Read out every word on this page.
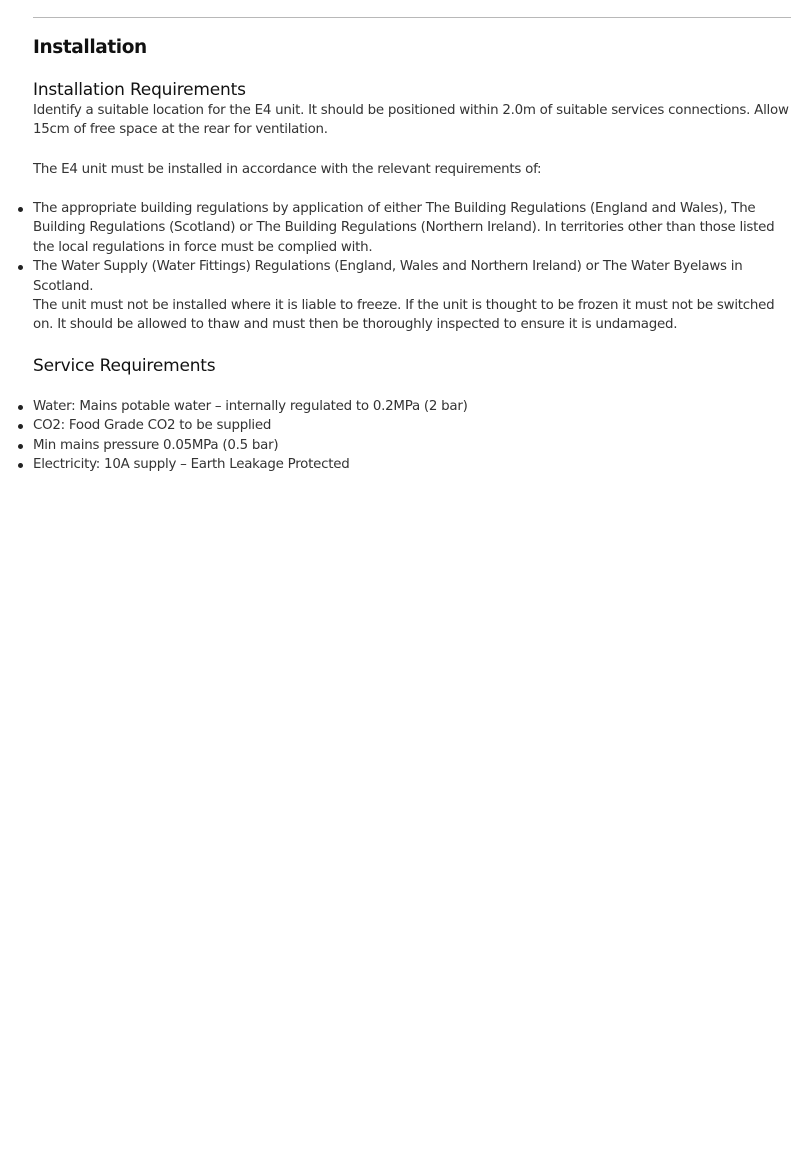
Installation
Installation Requirements

Identify a suitable location for the E4 unit. It should be positioned within 2.0m of suitable services connections. Allow 15cm of free space at the rear for ventilation.

The E4 unit must be installed in accordance with the relevant requirements of:

The appropriate building regulations by application of either The Building Regulations (England and Wales), The Building Regulations (Scotland) or The Building Regulations (Northern Ireland). In territories other than those listed the local regulations in force must be complied with.
The Water Supply (Water Fittings) Regulations (England, Wales and Northern Ireland) or The Water Byelaws in Scotland.

The unit must not be installed where it is liable to freeze. If the unit is thought to be frozen it must not be switched on. It should be allowed to thaw and must then be thoroughly inspected to ensure it is undamaged.

Service Requirements
Water: Mains potable water – internally regulated to 0.2MPa (2 bar)
CO2: Food Grade CO2 to be supplied
Min mains pressure 0.05MPa (0.5 bar)
Electricity: 10A supply – Earth Leakage Protected
